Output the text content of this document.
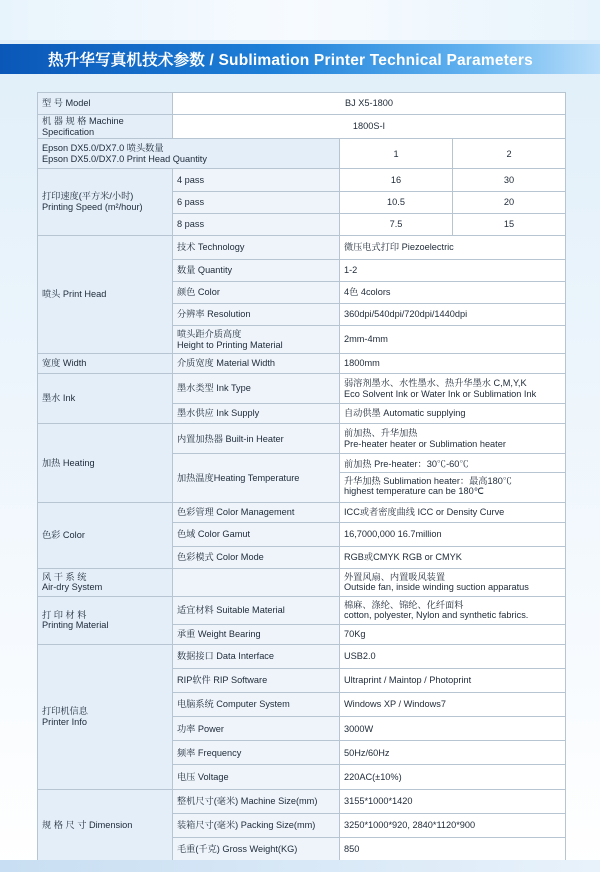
热升华写真机技术参数 / Sublimation Printer Technical Parameters
型 号 Model	BJ X5-1800		
机 器 规 格 Machine Specification	1800S-I		

Epson DX5.0/DX7.0 喷头数量
Epson DX5.0/DX7.0 Print Head Quantity		1	2

打印速度(平方米/小时)
Printing Speed (m²/hour)	4 pass	16	30
	6 pass	10.5	20
	8 pass	7.5	15
喷头 Print Head	技术 Technology	微压电式打印 Piezoelectric	
	数量 Quantity	1-2	
	颜色 Color	4色 4colors	
	分辨率 Resolution	360dpi/540dpi/720dpi/1440dpi	

	喷头距介质高度
Height to Printing Material	2mm-4mm	
宽度 Width	介质宽度 Material Width	1800mm	
墨水 Ink	墨水类型 Ink Type	弱溶剂墨水、水性墨水、热升华墨水 C,M,Y,K
Eco Solvent Ink or Water Ink or Sublimation Ink	

	墨水供应 Ink Supply	自动供墨 Automatic supplying	
加热 Heating	内置加热器 Built-in Heater	前加热、升华加热
Pre-heater heater or Sublimation heater	

	加热温度Heating Temperature	前加热 Pre-heater：30℃-60℃
升华加热 Sublimation heater：最高180℃
highest temperature can be 180℃	

色彩 Color	色彩管理 Color Management	ICC或者密度曲线 ICC or Density Curve	
	色域 Color Gamut	16,7000,000 16.7million	
	色彩模式 Color Mode	RGB或CMYK RGB or CMYK	

风 干 系 统
Air-dry System		外置风扇、内置吸风装置
Outside fan, inside winding suction apparatus	

打 印 材 料
Printing Material	适宜材料 Suitable Material	棉麻、涤纶、锦纶、化纤面料
cotton, polyester, Nylon and synthetic fabrics.	

	承重 Weight Bearing	70Kg	

打印机信息
Printer Info	数据接口 Data Interface	USB2.0	
	RIP软件 RIP Software	Ultraprint / Maintop / Photoprint	
	电脑系统 Computer System	Windows XP / Windows7	
	功率 Power	3000W	
	频率 Frequency	50Hz/60Hz	
	电压 Voltage	220AC(±10%)	
规 格 尺 寸 Dimension	整机尺寸(毫米) Machine Size(mm)	3155*1000*1420	
	装箱尺寸(毫米) Packing Size(mm)	3250*1000*920, 2840*1120*900	
	毛重(千克) Gross Weight(KG)	850	
